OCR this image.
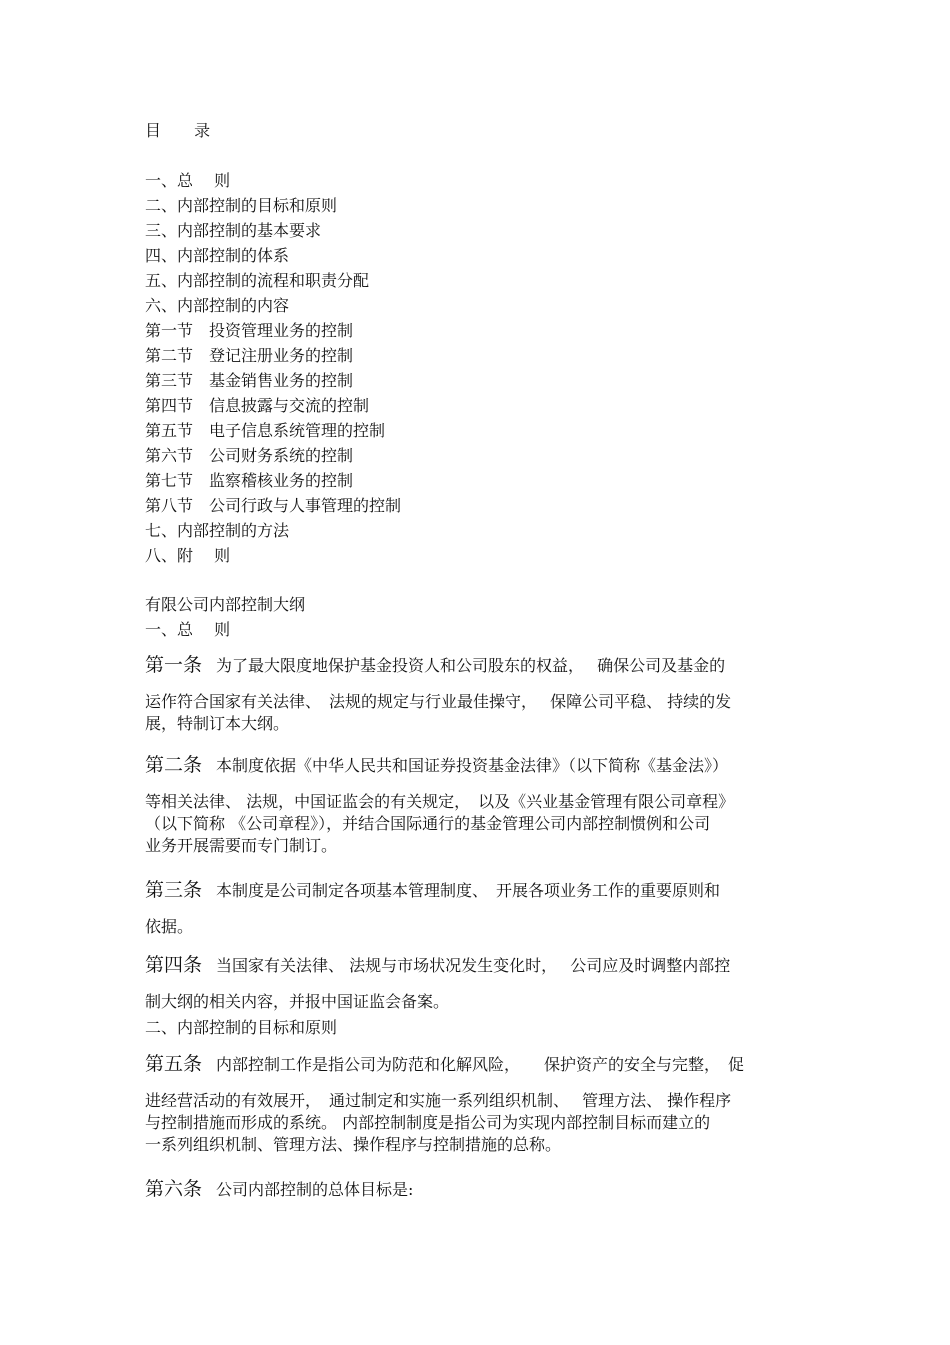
目 录
一、总　 则
二、内部控制的目标和原则
三、内部控制的基本要求
四、内部控制的体系
五、内部控制的流程和职责分配
六、内部控制的内容
第一节　投资管理业务的控制
第二节　登记注册业务的控制
第三节　基金销售业务的控制
第四节　信息披露与交流的控制
第五节　电子信息系统管理的控制
第六节　公司财务系统的控制
第七节　监察稽核业务的控制
第八节　公司行政与人事管理的控制
七、内部控制的方法
八、附　 则
有限公司内部控制大纲
一、总　 则
第一条 为了最大限度地保护基金投资人和公司股东的权益，　 确保公司及基金的

运作符合国家有关法律、　法规的规定与行业最佳操守，　 保障公司平稳、 持续的发

展，特制订本大纲。

第二条 本制度依据《中华人民共和国证券投资基金法律》（以下简称《基金法》）

等相关法律、 法规，中国证监会的有关规定，　以及《兴业基金管理有限公司章程》

（以下简称 《公司章程》），并结合国际通行的基金管理公司内部控制惯例和公司

业务开展需要而专门制订。

第三条 本制度是公司制定各项基本管理制度、　开展各项业务工作的重要原则和

依据。

第四条 当国家有关法律、 法规与市场状况发生变化时，　 公司应及时调整内部控

制大纲的相关内容，并报中国证监会备案。

二、内部控制的目标和原则
第五条 内部控制工作是指公司为防范和化解风险，　　保护资产的安全与完整，　促

进经营活动的有效展开，　通过制定和实施一系列组织机制、　 管理方法、 操作程序

与控制措施而形成的系统。 内部控制制度是指公司为实现内部控制目标而建立的

一系列组织机制、管理方法、操作程序与控制措施的总称。

第六条 公司内部控制的总体目标是:
